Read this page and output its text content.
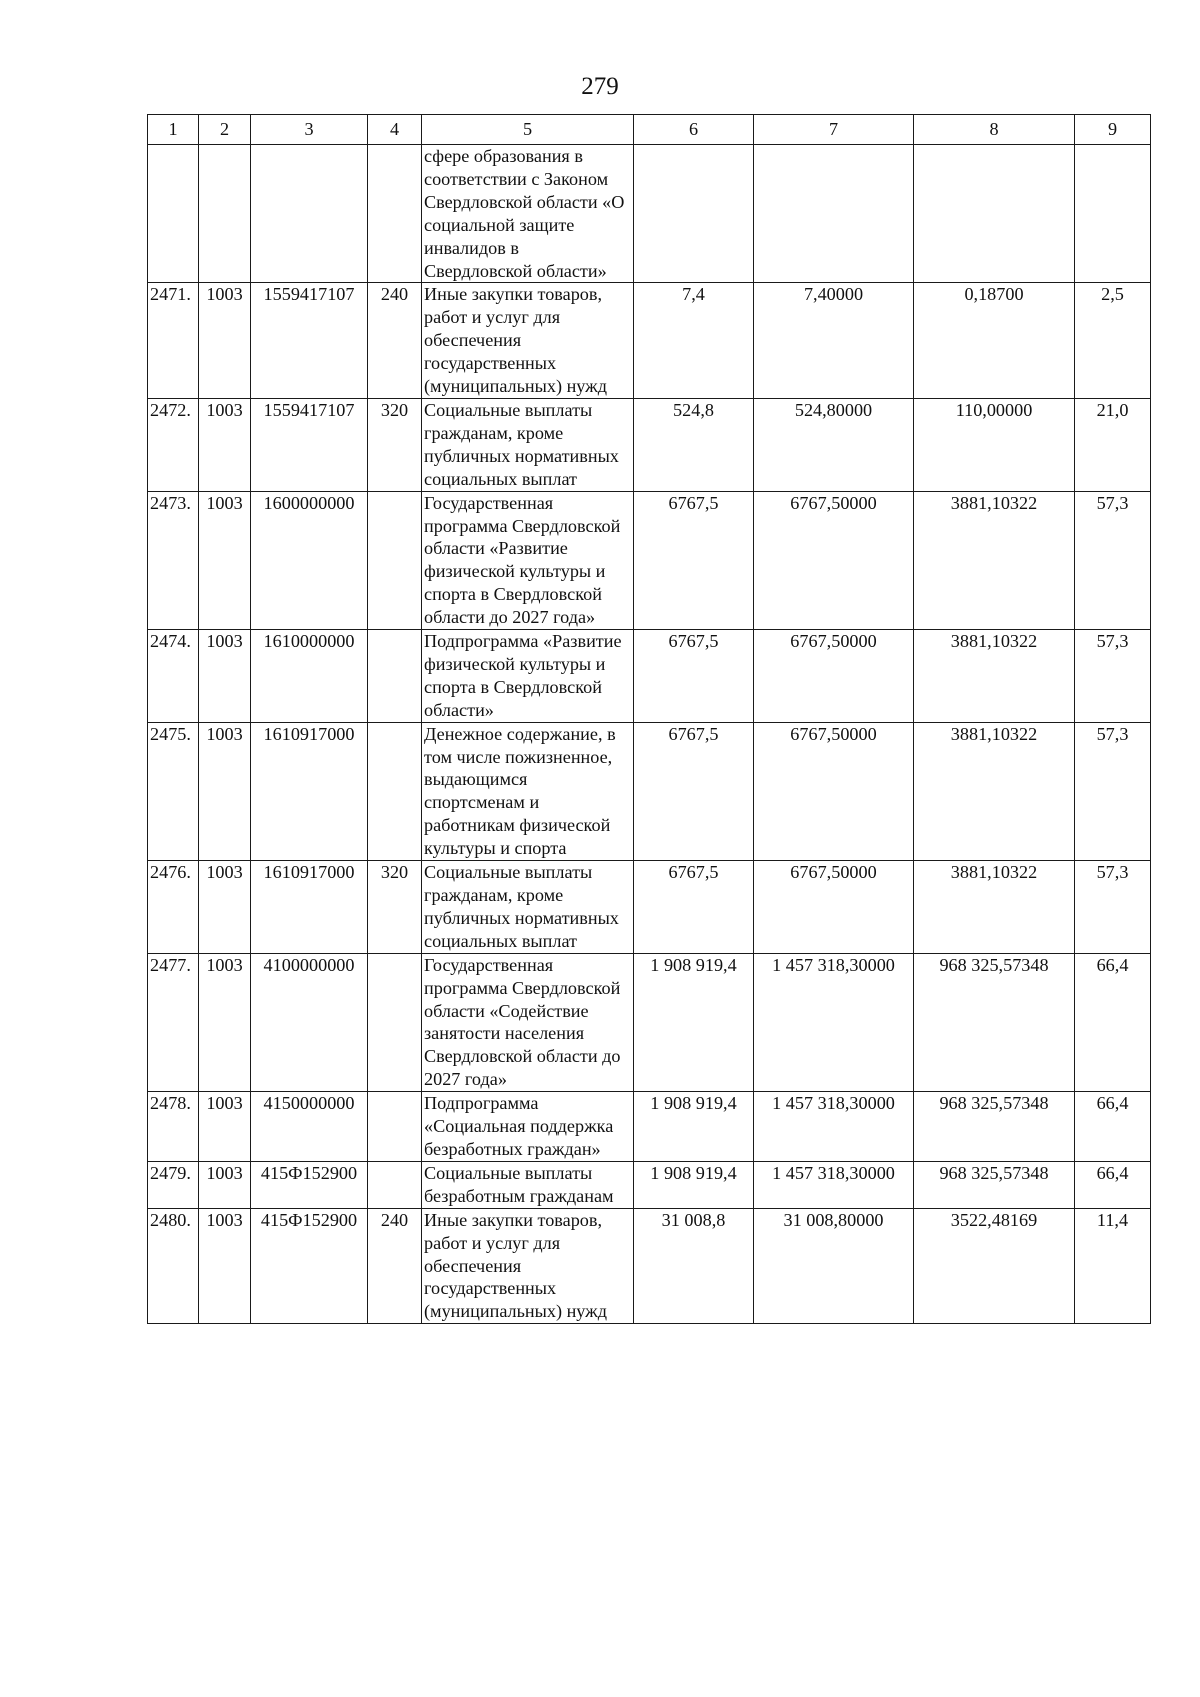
279
1	2	3	4	5	6	7	8	9
				сфере образования в соответствии с Законом Свердловской области «О социальной защите инвалидов в Свердловской области»				
2471.	1003	1559417107	240	Иные закупки товаров, работ и услуг для обеспечения государственных (муниципальных) нужд	7,4	7,40000	0,18700	2,5
2472.	1003	1559417107	320	Социальные выплаты гражданам, кроме публичных нормативных социальных выплат	524,8	524,80000	110,00000	21,0
2473.	1003	1600000000		Государственная программа Свердловской области «Развитие физической культуры и спорта в Свердловской области до 2027 года»	6767,5	6767,50000	3881,10322	57,3
2474.	1003	1610000000		Подпрограмма «Развитие физической культуры и спорта в Свердловской области»	6767,5	6767,50000	3881,10322	57,3
2475.	1003	1610917000		Денежное содержание, в том числе пожизненное, выдающимся спортсменам и работникам физической культуры и спорта	6767,5	6767,50000	3881,10322	57,3
2476.	1003	1610917000	320	Социальные выплаты гражданам, кроме публичных нормативных социальных выплат	6767,5	6767,50000	3881,10322	57,3
2477.	1003	4100000000		Государственная программа Свердловской области «Содействие занятости населения Свердловской области до 2027 года»	1 908 919,4	1 457 318,30000	968 325,57348	66,4
2478.	1003	4150000000		Подпрограмма «Социальная поддержка безработных граждан»	1 908 919,4	1 457 318,30000	968 325,57348	66,4
2479.	1003	415Ф152900		Социальные выплаты безработным гражданам	1 908 919,4	1 457 318,30000	968 325,57348	66,4
2480.	1003	415Ф152900	240	Иные закупки товаров, работ и услуг для обеспечения государственных (муниципальных) нужд	31 008,8	31 008,80000	3522,48169	11,4
